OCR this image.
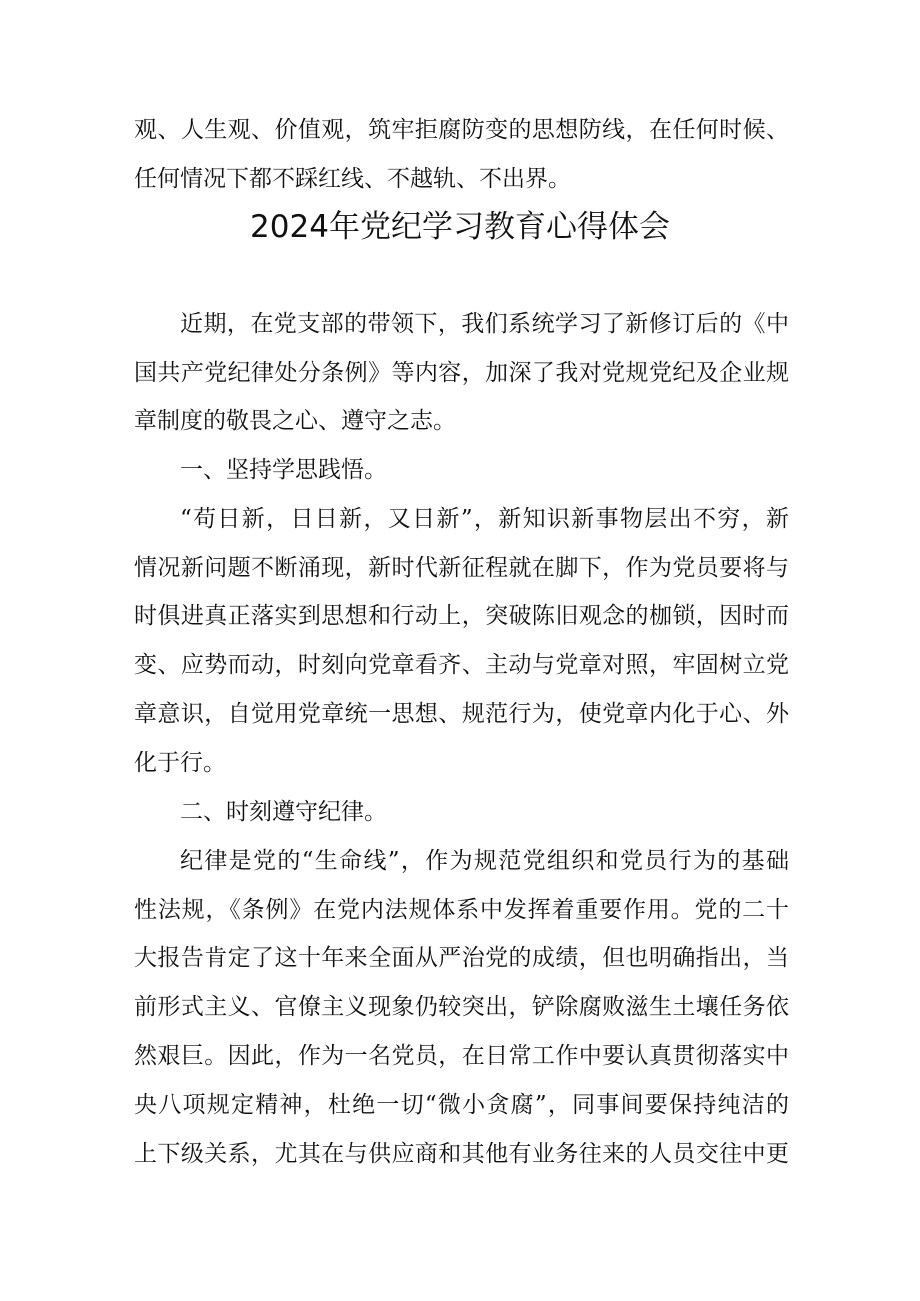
观、人生观、价值观，筑牢拒腐防变的思想防线，在任何时候、
任何情况下都不踩红线、不越轨、不出界。
2024年党纪学习教育心得体会
近期，在党支部的带领下，我们系统学习了新修订后的《中
国共产党纪律处分条例》等内容，加深了我对党规党纪及企业规
章制度的敬畏之心、遵守之志。
一、坚持学思践悟。
“苟日新，日日新，又日新”，新知识新事物层出不穷，新
情况新问题不断涌现，新时代新征程就在脚下，作为党员要将与
时俱进真正落实到思想和行动上，突破陈旧观念的枷锁，因时而
变、应势而动，时刻向党章看齐、主动与党章对照，牢固树立党
章意识，自觉用党章统一思想、规范行为，使党章内化于心、外
化于行。
二、时刻遵守纪律。
纪律是党的“生命线”，作为规范党组织和党员行为的基础
性法规，《条例》在党内法规体系中发挥着重要作用。党的二十
大报告肯定了这十年来全面从严治党的成绩，但也明确指出，当
前形式主义、官僚主义现象仍较突出，铲除腐败滋生土壤任务依
然艰巨。因此，作为一名党员，在日常工作中要认真贯彻落实中
央八项规定精神，杜绝一切“微小贪腐”，同事间要保持纯洁的
上下级关系，尤其在与供应商和其他有业务往来的人员交往中更
